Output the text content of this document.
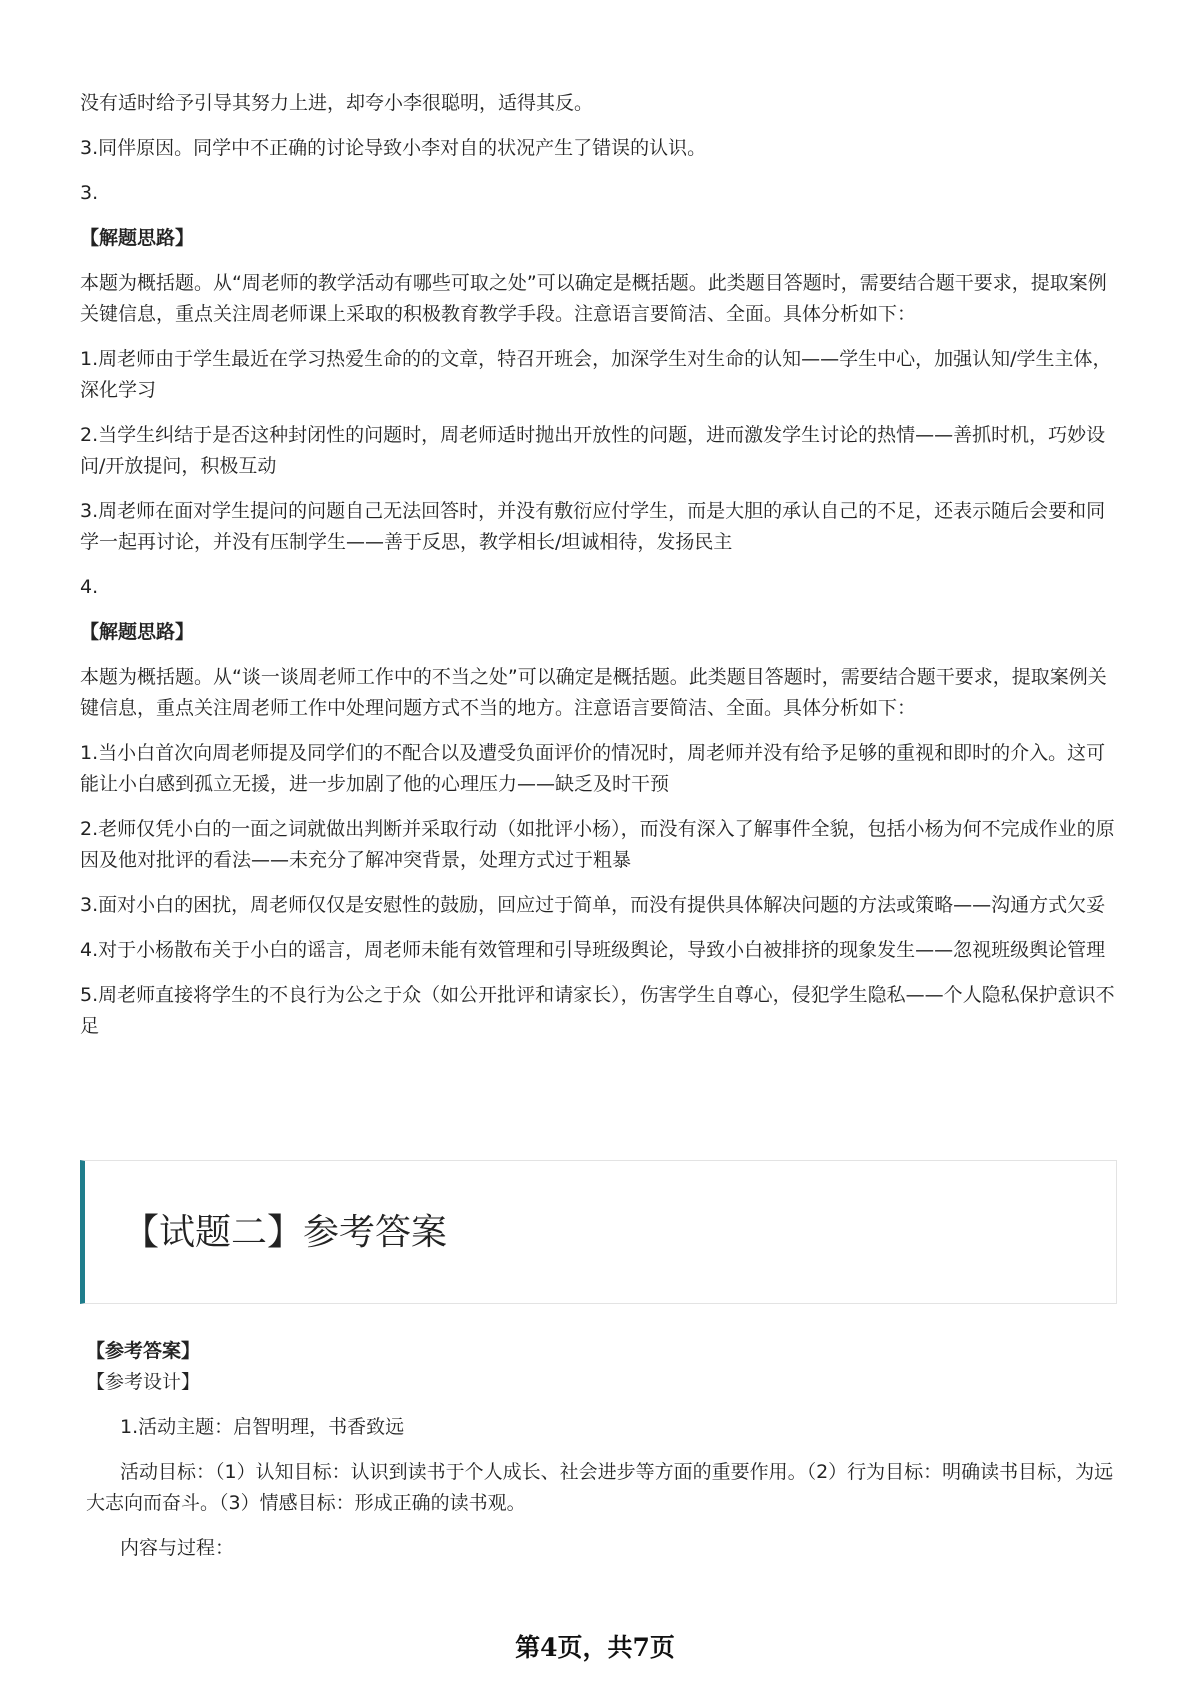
没有适时给予引导其努力上进，却夸小李很聪明，适得其反。

3.同伴原因。同学中不正确的讨论导致小李对自的状况产生了错误的认识。

3.

【解题思路】

本题为概括题。从“周老师的教学活动有哪些可取之处”可以确定是概括题。此类题目答题时，需要结合题干要求，提取案例关键信息，重点关注周老师课上采取的积极教育教学手段。注意语言要简洁、全面。具体分析如下：

1.周老师由于学生最近在学习热爱生命的的文章，特召开班会，加深学生对生命的认知——学生中心，加强认知/学生主体，深化学习

2.当学生纠结于是否这种封闭性的问题时，周老师适时抛出开放性的问题，进而激发学生讨论的热情——善抓时机，巧妙设问/开放提问，积极互动

3.周老师在面对学生提问的问题自己无法回答时，并没有敷衍应付学生，而是大胆的承认自己的不足，还表示随后会要和同学一起再讨论，并没有压制学生——善于反思，教学相长/坦诚相待，发扬民主

4.

【解题思路】

本题为概括题。从“谈一谈周老师工作中的不当之处”可以确定是概括题。此类题目答题时，需要结合题干要求，提取案例关键信息，重点关注周老师工作中处理问题方式不当的地方。注意语言要简洁、全面。具体分析如下：

1.当小白首次向周老师提及同学们的不配合以及遭受负面评价的情况时，周老师并没有给予足够的重视和即时的介入。这可能让小白感到孤立无援，进一步加剧了他的心理压力——缺乏及时干预

2.老师仅凭小白的一面之词就做出判断并采取行动（如批评小杨），而没有深入了解事件全貌，包括小杨为何不完成作业的原因及他对批评的看法——未充分了解冲突背景，处理方式过于粗暴

3.面对小白的困扰，周老师仅仅是安慰性的鼓励，回应过于简单，而没有提供具体解决问题的方法或策略——沟通方式欠妥

4.对于小杨散布关于小白的谣言，周老师未能有效管理和引导班级舆论，导致小白被排挤的现象发生——忽视班级舆论管理

5.周老师直接将学生的不良行为公之于众（如公开批评和请家长），伤害学生自尊心，侵犯学生隐私——个人隐私保护意识不足

【试题二】参考答案

【参考答案】

【参考设计】

1.活动主题：启智明理，书香致远

活动目标：（1）认知目标：认识到读书于个人成长、社会进步等方面的重要作用。（2）行为目标：明确读书目标，为远大志向而奋斗。（3）情感目标：形成正确的读书观。

内容与过程：

第4页，共7页
